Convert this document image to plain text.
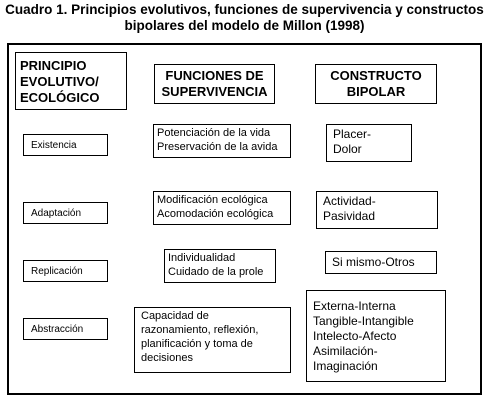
Cuadro 1. Principios evolutivos, funciones de supervivencia y constructos
bipolares del modelo de Millon (1998)
PRINCIPIO
EVOLUTIVO/
ECOLÓGICO
FUNCIONES DE
SUPERVIVENCIA
CONSTRUCTO
BIPOLAR
Existencia
Potenciación de la vida
Preservación de la avida
Placer-
Dolor
Adaptación
Modificación ecológica
Acomodación ecológica
Actividad-
Pasividad
Replicación
Individualidad
Cuidado de la prole
Si mismo-Otros
Abstracción
Capacidad de
razonamiento, reflexión,
planificación y toma de
decisiones
Externa-Interna
Tangible-Intangible
Intelecto-Afecto
Asimilación-
Imaginación
